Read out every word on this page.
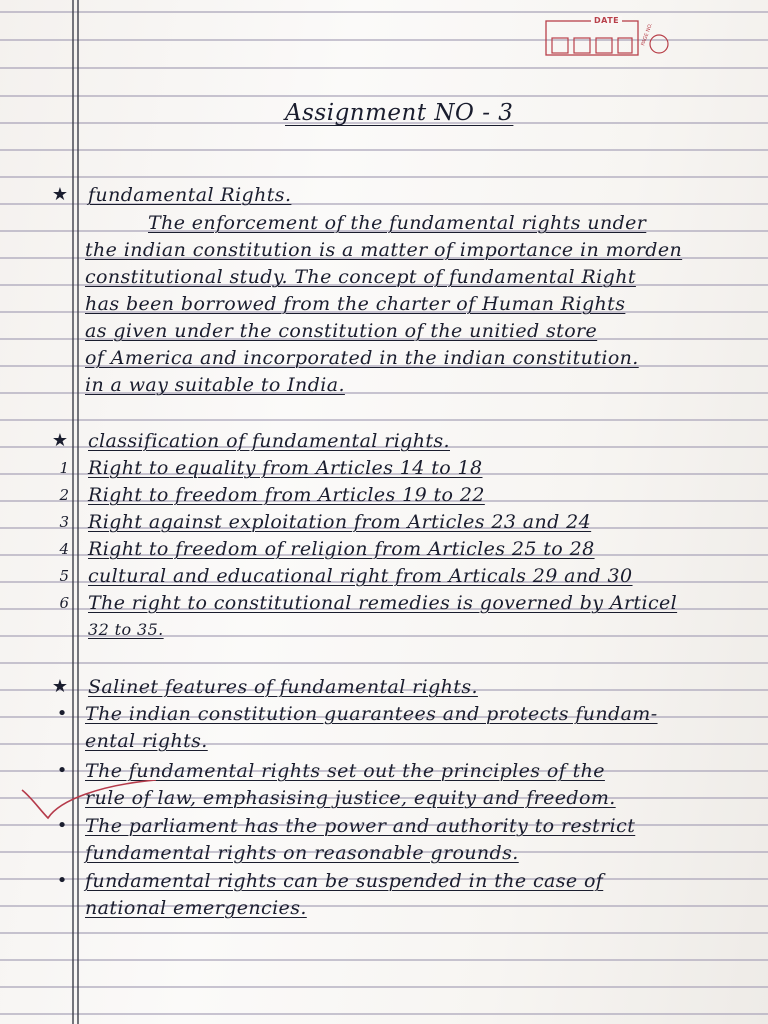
PAGE NO.
DATE
Assignment NO - 3
★ fundamental Rights.
The enforcement of the fundamental rights under
the indian constitution is a matter of importance in morden
constitutional study. The concept of fundamental Right
has been borrowed from the charter of Human Rights
as given under the constitution of the unitied store
of America and incorporated in the indian constitution.
in a way suitable to India.
★ classification of fundamental rights.
1 Right to equality from Articles 14 to 18
2 Right to freedom from Articles 19 to 22
3 Right against exploitation from Articles 23 and 24
4 Right to freedom of religion from Articles 25 to 28
5 cultural and educational right from Articals 29 and 30
6 The right to constitutional remedies is governed by Articel
32 to 35.
★ Salinet features of fundamental rights.
• The indian constitution guarantees and protects fundam-
ental rights.
• The fundamental rights set out the principles of the
rule of law, emphasising justice, equity and freedom.
• The parliament has the power and authority to restrict
fundamental rights on reasonable grounds.
• fundamental rights can be suspended in the case of
national emergencies.
